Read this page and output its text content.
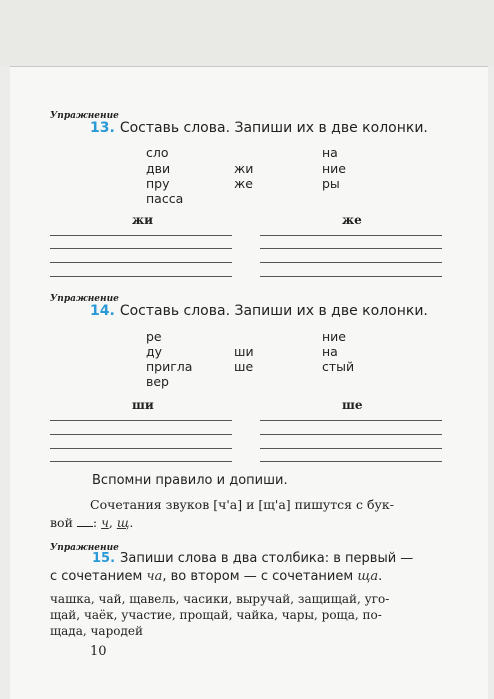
Упражнение
13. Составь слова. Запиши их в две колонки.
сло
дви
пру
пасса
жи
же
на
ние
ры
жи	же
Упражнение
14. Составь слова. Запиши их в две колонки.
ре
ду
пригла
вер
ши
ше
ние
на
стый
ши	ше
Вспомни правило и допиши.
Сочетания звуков [ч'а] и [щ'а] пишутся с бук-
вой : ч, щ.
Упражнение
15. Запиши слова в два столбика: в первый —
с сочетанием ча, во втором — с сочетанием ща.
чашка, чай, щавель, часики, выручай, защищай, уго-
щай, чаёк, участие, прощай, чайка, чары, роща, по-
щада, чародей
10
